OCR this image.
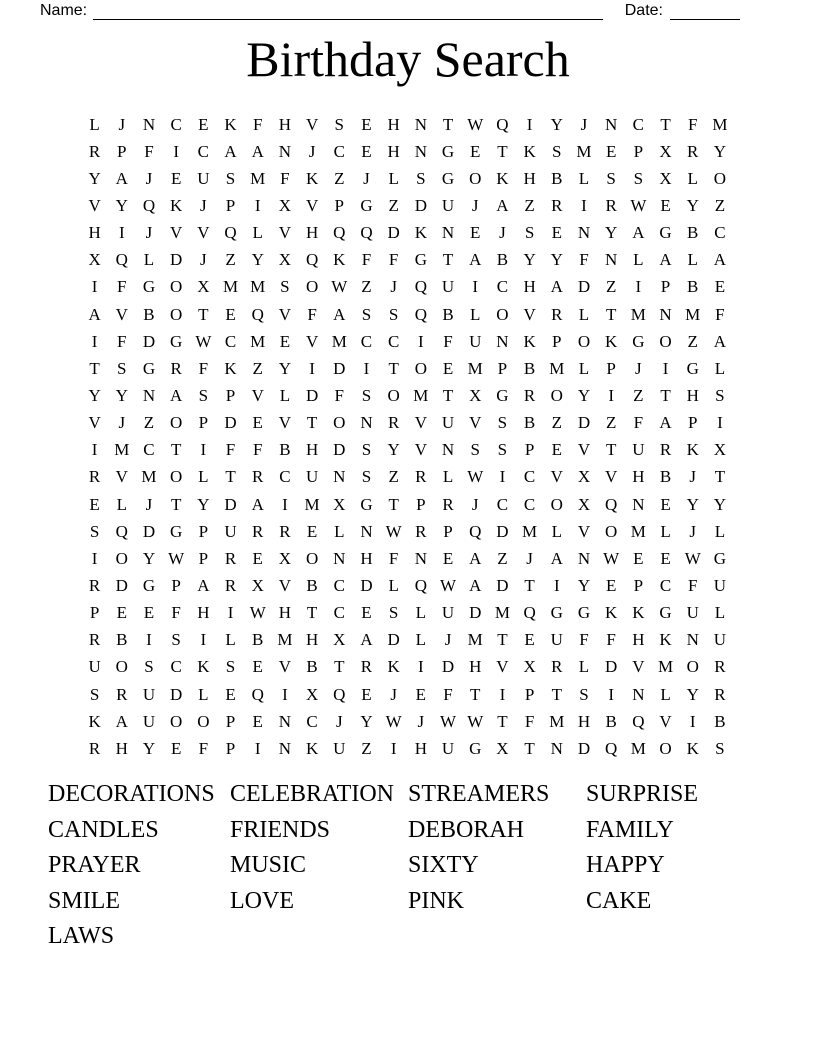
Name:	Date:
Birthday Search
L	J	N C E K F H V S	E H N T W Q	I	Y	J	N C T	F M
R P	F	I	C A A N	J	C E H N G E T K S M E	P X R Y
Y A	J	E U S M F K Z	J	L	S G O K H B L	S	S X L O
V Y Q K	J	P	I	X V P G Z D U	J	A Z R	I	R W E Y Z
H	I	J	V V Q L V H Q Q D K N E	J	S	E N Y A G B C
X Q L D	J	Z Y X Q K F	F G T A B Y Y F N L A L A
I	F G O X M M S O W Z	J	Q U	I	C H A D Z	I	P B E
A V B O T E Q V F A S	S Q B L O V R L T M N M F
I	F D G W C M E V M C C	I	F U N K P O K G O Z A
T	S G R F K Z Y	I	D	I	T O E M P B M L	P	J	I	G L
Y Y N A S	P V L D F	S O M T X G R O Y	I	Z T H S
V	J	Z O P D E V T O N R V U V S B Z D Z	F A P	I
I M C T	I	F	F B H D S Y V N S	S	P	E V T U R K X
R V M O L T R C U N S	Z R L W I	C V X V H B	J	T
E L	J	T Y D A	I M X G T	P R	J	C C O X Q N E Y Y
S Q D G P U R R E L N W R P Q D M L V O M L	J	L
I	O Y W P R E X O N H F N E A Z	J	A N W E E W G
R D G P A R X V B C D L Q W A D T	I	Y E	P C F U
P	E E	F H	I W H T C E	S	L U D M Q G G K K G U L
R B	I	S	I	L B M H X A D L	J M T E U F	F H K N U
U O S C K S	E V B T R K	I	D H V X R L D V M O R
S R U D L E Q	I	X Q E	J	E	F	T	I	P	T	S	I	N L Y R
K A U O O P	E N C	J	Y W J W W T	F M H B Q V	I	B
R H Y E	F	P	I	N K U Z	I	H U G X T N D Q M O K S
DECORATIONS
CANDLES
PRAYER
SMILE
LAWS
CELEBRATION
FRIENDS
MUSIC
LOVE
STREAMERS
DEBORAH
SIXTY
PINK
SURPRISE
FAMILY
HAPPY
CAKE
